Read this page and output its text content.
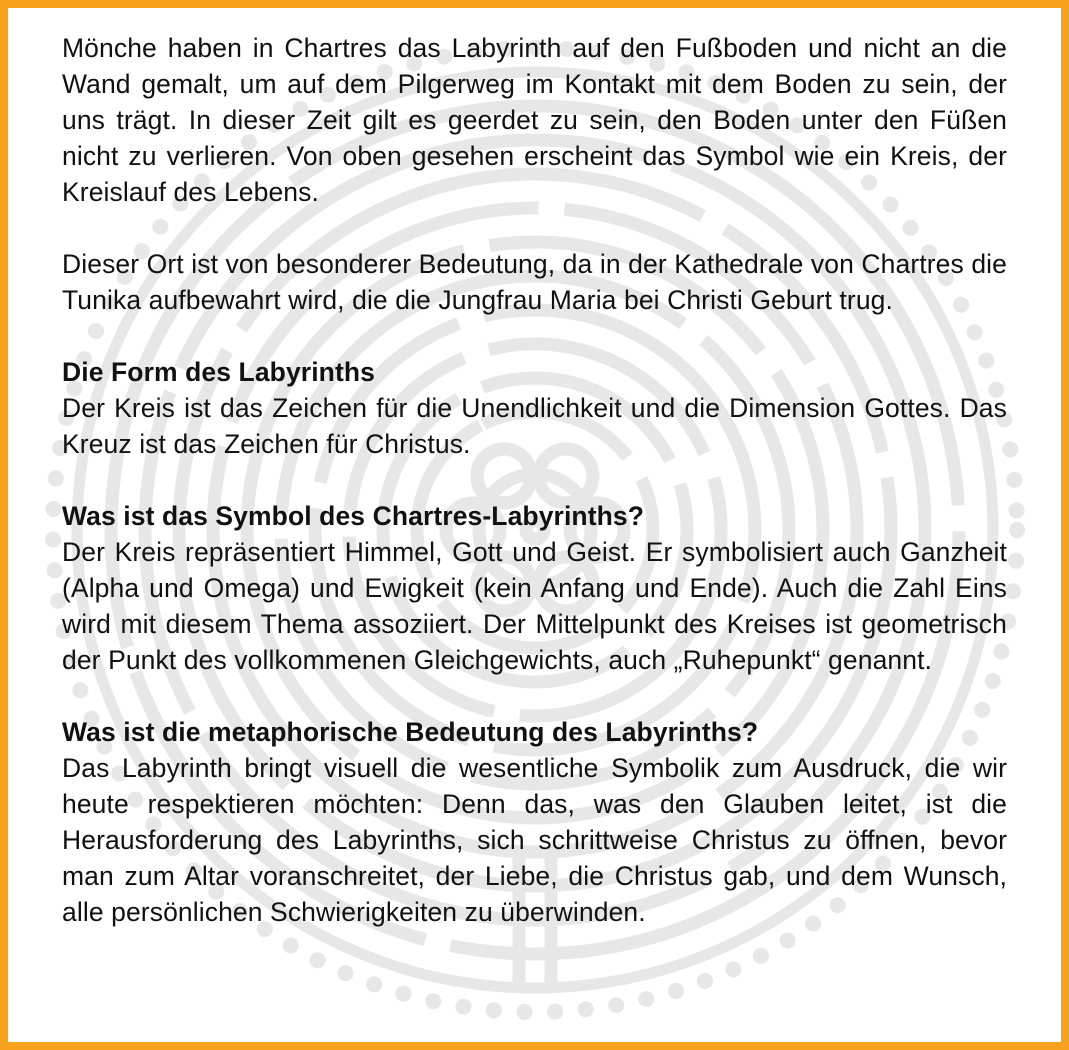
Mönche haben in Chartres das Labyrinth auf den Fußboden und nicht an die Wand gemalt, um auf dem Pilgerweg im Kontakt mit dem Boden zu sein, der uns trägt. In dieser Zeit gilt es geerdet zu sein, den Boden unter den Füßen nicht zu verlieren. Von oben gesehen erscheint das Symbol wie ein Kreis, der Kreislauf des Lebens.

Dieser Ort ist von besonderer Bedeutung, da in der Kathedrale von Chartres die Tunika aufbewahrt wird, die die Jungfrau Maria bei Christi Geburt trug.

Die Form des Labyrinths

Der Kreis ist das Zeichen für die Unendlichkeit und die Dimension Gottes. Das Kreuz ist das Zeichen für Christus.

Was ist das Symbol des Chartres-Labyrinths?

Der Kreis repräsentiert Himmel, Gott und Geist. Er symbolisiert auch Ganzheit (Alpha und Omega) und Ewigkeit (kein Anfang und Ende). Auch die Zahl Eins wird mit diesem Thema assoziiert. Der Mittelpunkt des Kreises ist geometrisch der Punkt des vollkommenen Gleichgewichts, auch „Ruhepunkt“ genannt.

Was ist die metaphorische Bedeutung des Labyrinths?

Das Labyrinth bringt visuell die wesentliche Symbolik zum Ausdruck, die wir heute respektieren möchten: Denn das, was den Glauben leitet, ist die Herausforderung des Labyrinths, sich schrittweise Christus zu öffnen, bevor man zum Altar voranschreitet, der Liebe, die Christus gab, und dem Wunsch, alle persönlichen Schwierigkeiten zu überwinden.
